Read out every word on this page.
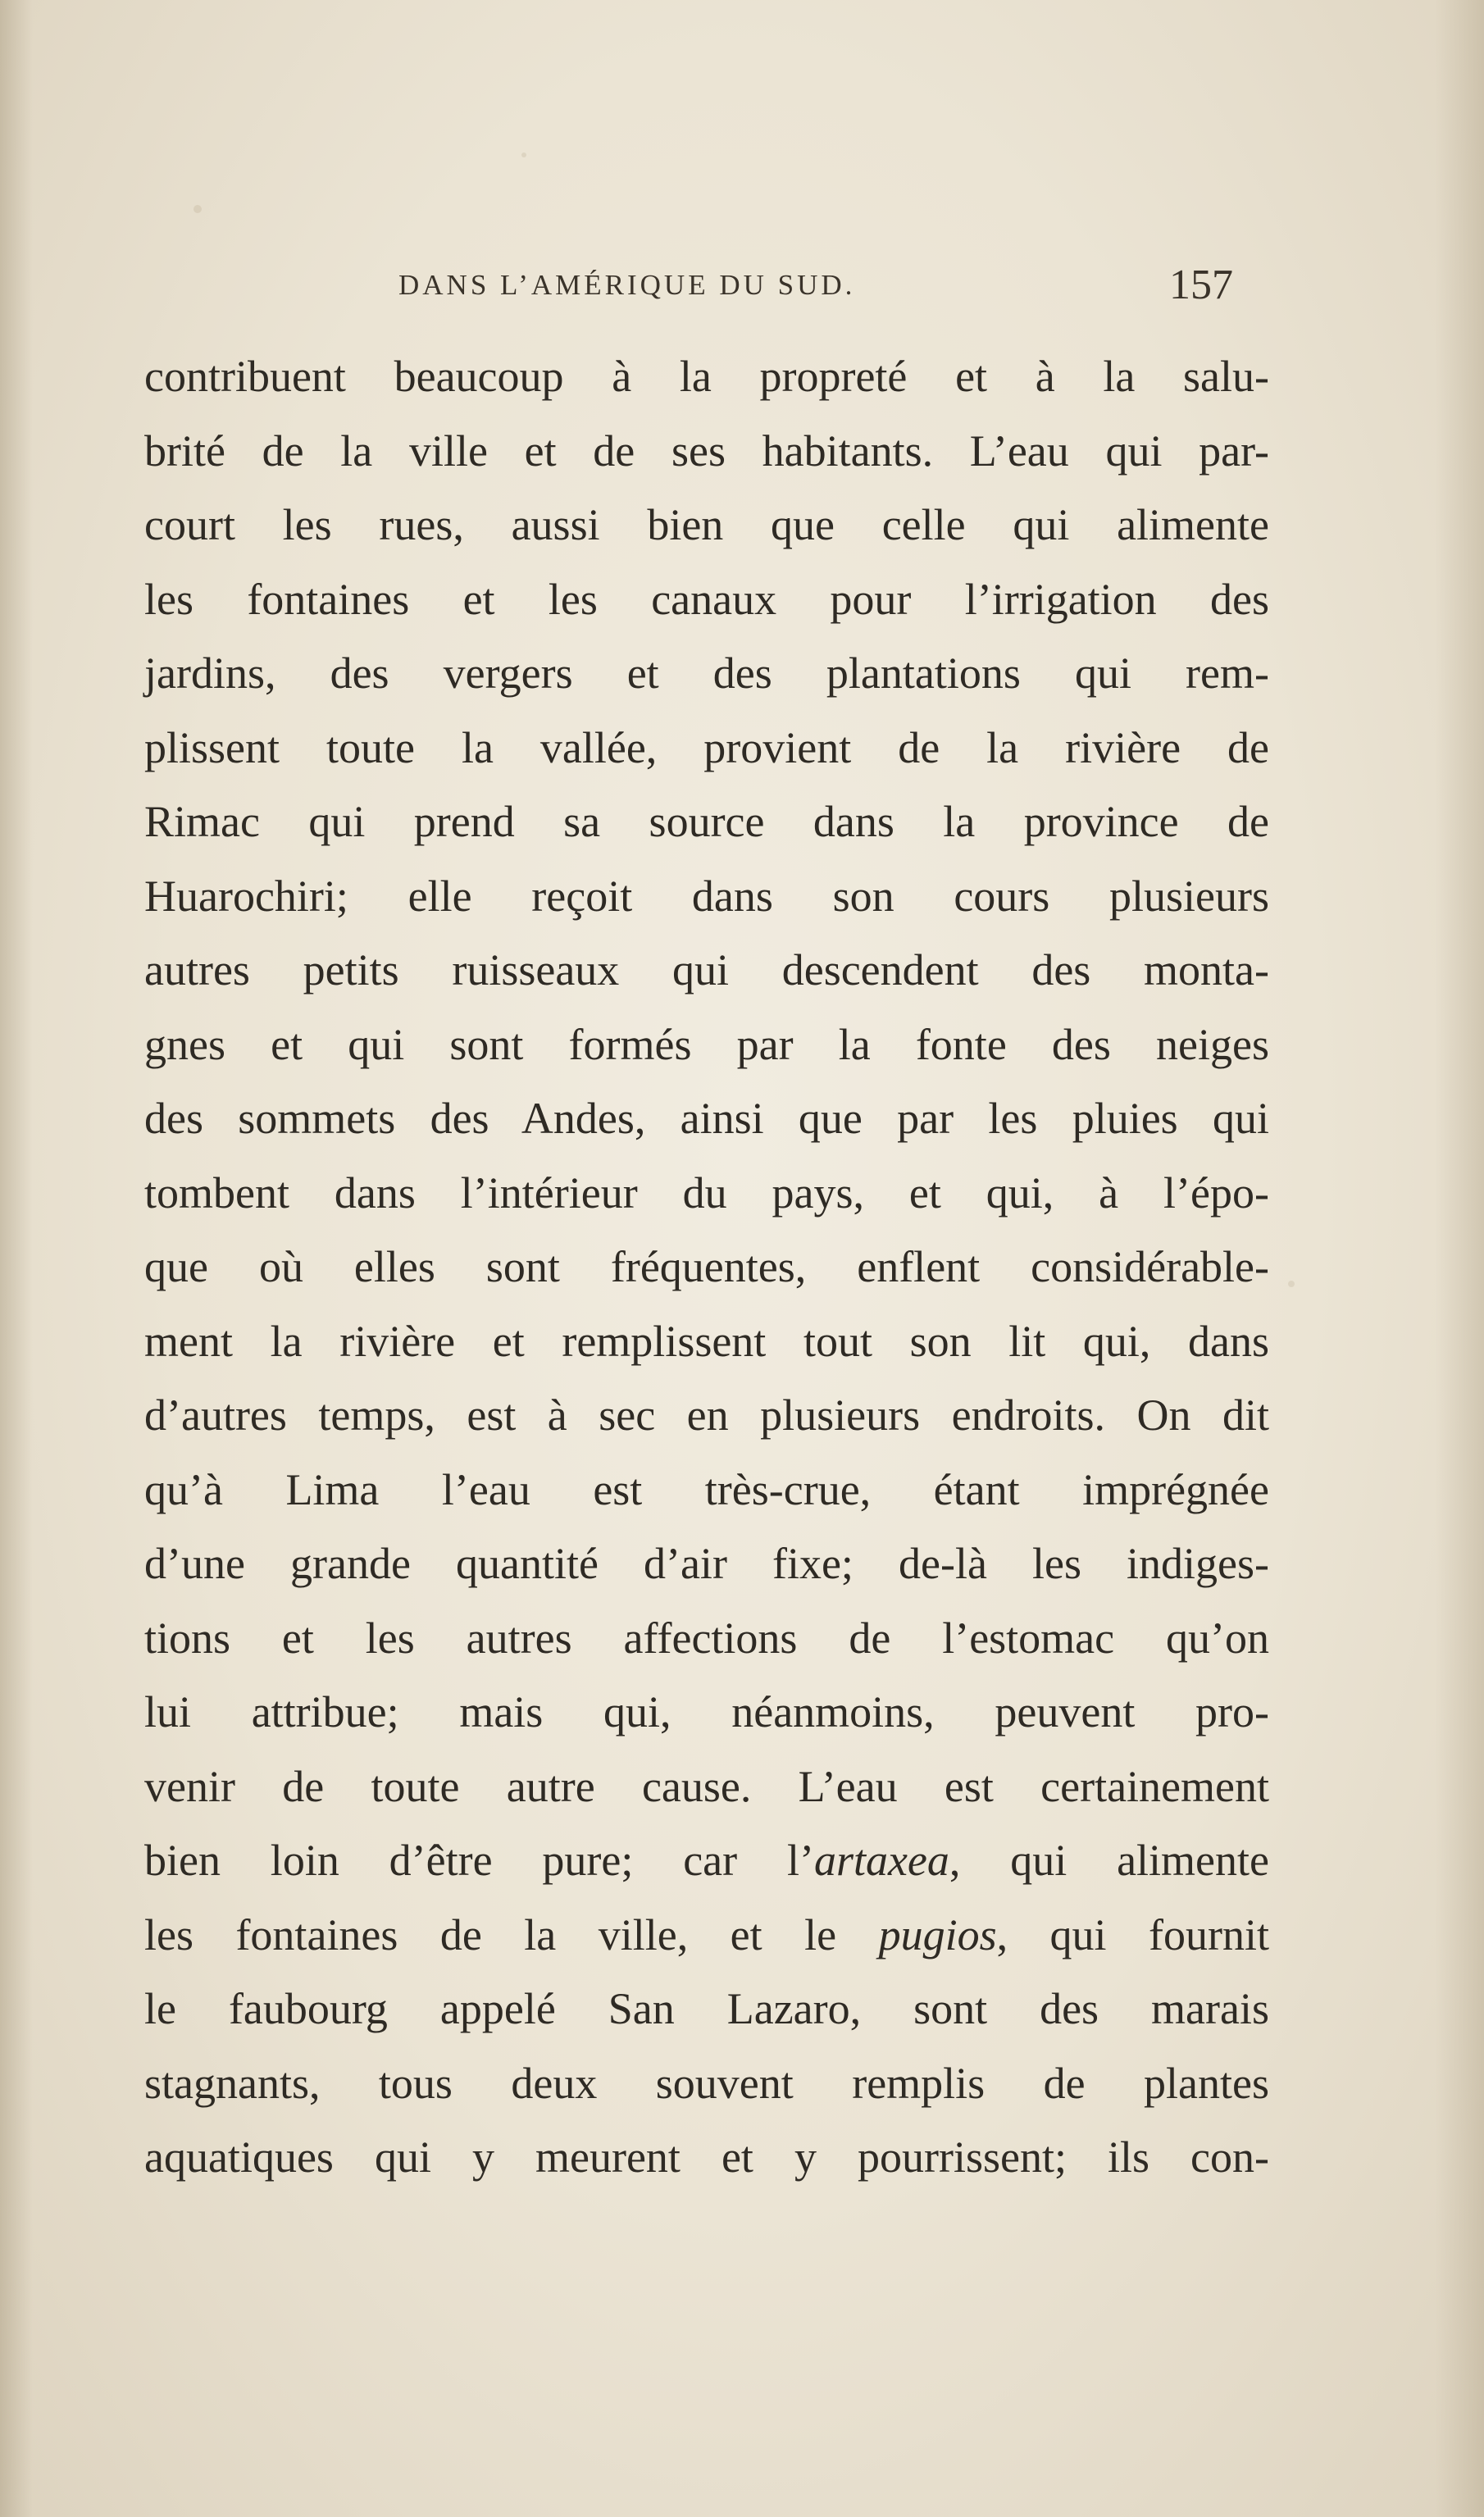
DANS L’AMÉRIQUE DU SUD.	157
contribuent beaucoup à la propreté et à la salu-
brité de la ville et de ses habitants. L’eau qui par-
court les rues, aussi bien que celle qui alimente
les fontaines et les canaux pour l’irrigation des
jardins, des vergers et des plantations qui rem-
plissent toute la vallée, provient de la rivière de
Rimac qui prend sa source dans la province de
Huarochiri; elle reçoit dans son cours plusieurs
autres petits ruisseaux qui descendent des monta-
gnes et qui sont formés par la fonte des neiges
des sommets des Andes, ainsi que par les pluies qui
tombent dans l’intérieur du pays, et qui, à l’épo-
que où elles sont fréquentes, enflent considérable-
ment la rivière et remplissent tout son lit qui, dans
d’autres temps, est à sec en plusieurs endroits. On dit
qu’à Lima l’eau est très-crue, étant imprégnée
d’une grande quantité d’air fixe; de-là les indiges-
tions et les autres affections de l’estomac qu’on
lui attribue; mais qui, néanmoins, peuvent pro-
venir de toute autre cause. L’eau est certainement
bien loin d’être pure; car l’artaxea, qui alimente
les fontaines de la ville, et le pugios, qui fournit
le faubourg appelé San Lazaro, sont des marais
stagnants, tous deux souvent remplis de plantes
aquatiques qui y meurent et y pourrissent; ils con-
